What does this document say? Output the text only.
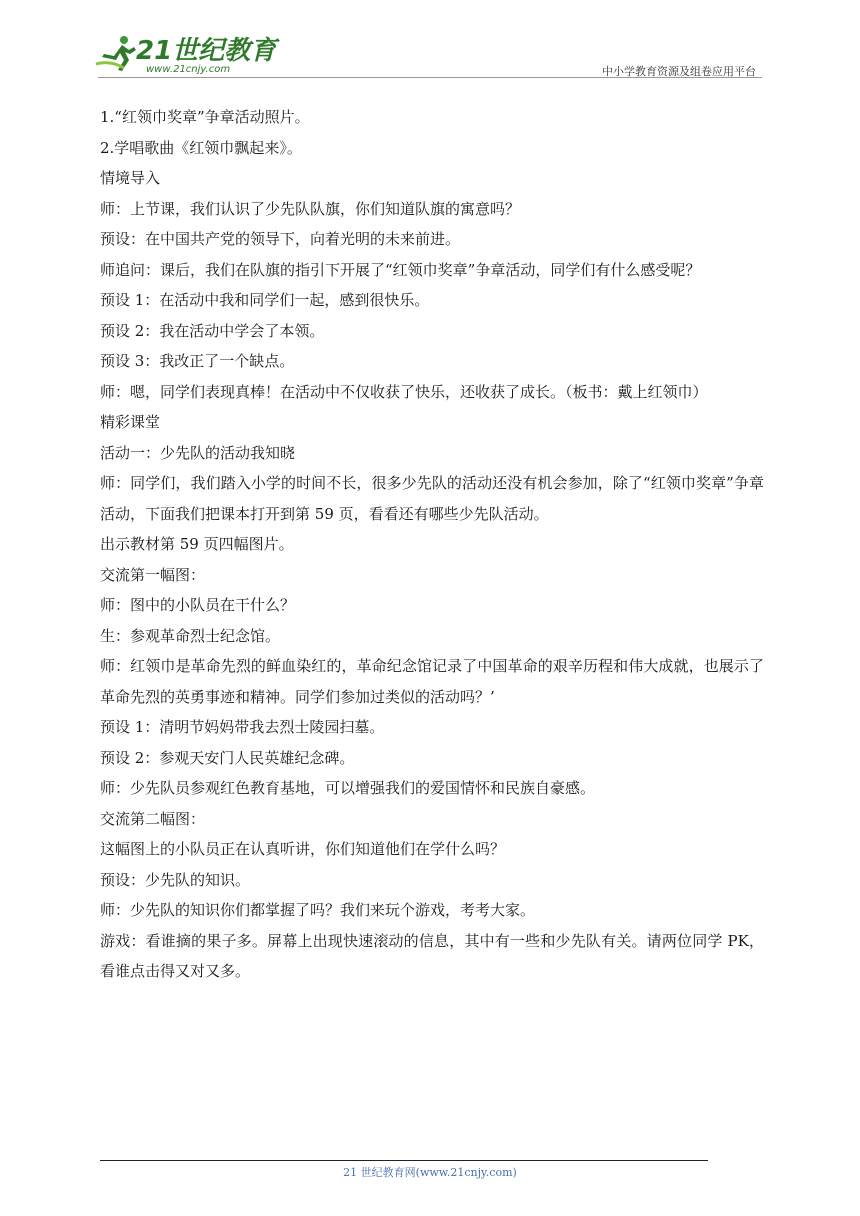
21世纪教育
www.21cnjy.com	中小学教育资源及组卷应用平台

1.“红领巾奖章”争章活动照片。

2.学唱歌曲《红领巾飘起来》。

情境导入

师：上节课，我们认识了少先队队旗，你们知道队旗的寓意吗？

预设：在中国共产党的领导下，向着光明的未来前进。

师追问：课后，我们在队旗的指引下开展了“红领巾奖章”争章活动，同学们有什么感受呢？

预设 1：在活动中我和同学们一起，感到很快乐。

预设 2：我在活动中学会了本领。

预设 3：我改正了一个缺点。

师：嗯，同学们表现真棒！在活动中不仅收获了快乐，还收获了成长。（板书：戴上红领巾）

精彩课堂

活动一：少先队的活动我知晓

师：同学们，我们踏入小学的时间不长，很多少先队的活动还没有机会参加，除了“红领巾奖章”争章活动，下面我们把课本打开到第 59 页，看看还有哪些少先队活动。

出示教材第 59 页四幅图片。

交流第一幅图：

师：图中的小队员在干什么？

生：参观革命烈士纪念馆。

师：红领巾是革命先烈的鲜血染红的，革命纪念馆记录了中国革命的艰辛历程和伟大成就，也展示了革命先烈的英勇事迹和精神。同学们参加过类似的活动吗？’

预设 1：清明节妈妈带我去烈士陵园扫墓。

预设 2：参观天安门人民英雄纪念碑。

师：少先队员参观红色教育基地，可以增强我们的爱国情怀和民族自豪感。

交流第二幅图：

这幅图上的小队员正在认真听讲，你们知道他们在学什么吗？

预设：少先队的知识。

师：少先队的知识你们都掌握了吗？我们来玩个游戏，考考大家。

游戏：看谁摘的果子多。屏幕上出现快速滚动的信息，其中有一些和少先队有关。请两位同学 PK，看谁点击得又对又多。

21 世纪教育网(www.21cnjy.com)
